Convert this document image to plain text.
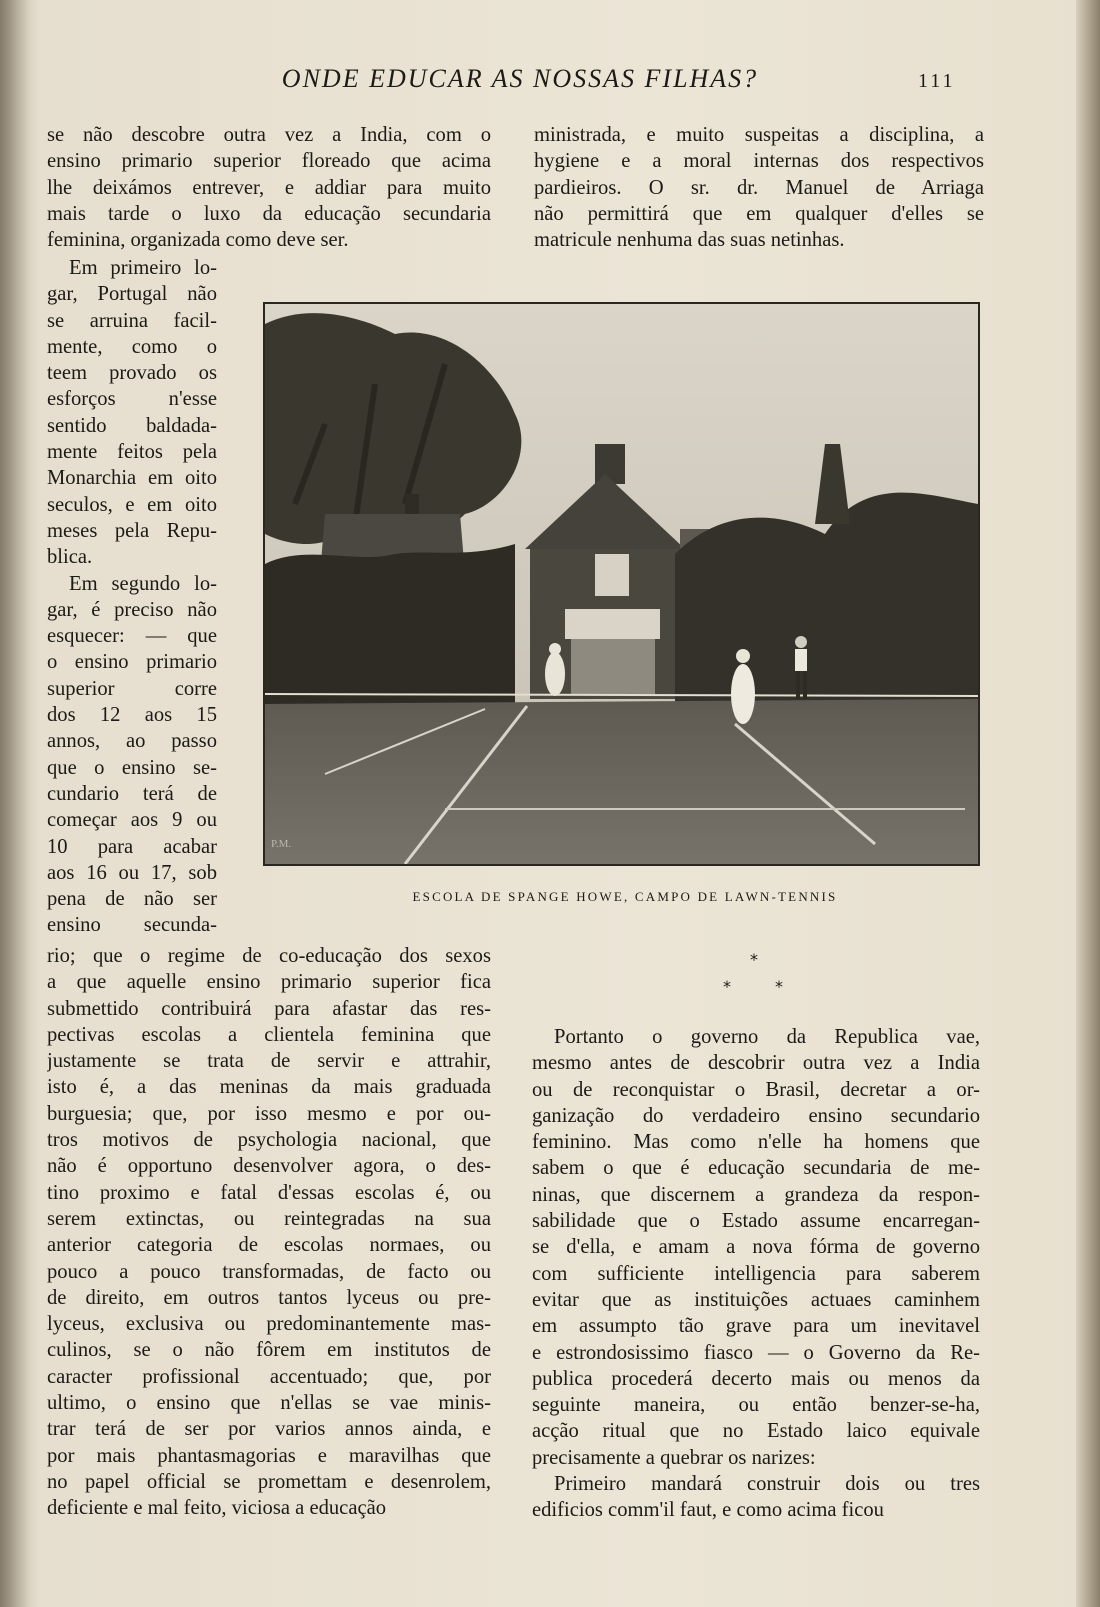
ONDE EDUCAR AS NOSSAS FILHAS?	111
se não descobre outra vez a India, com o
ensino primario superior floreado que acima
lhe deixámos entrever, e addiar para muito
mais tarde o luxo da educação secundaria
feminina, organizada como deve ser.
Em primeiro lo-
gar, Portugal não
se arruina facil-
mente, como o
teem provado os
esforços n'esse
sentido baldada-
mente feitos pela
Monarchia em oito
seculos, e em oito
meses pela Repu-
blica.
Em segundo lo-
gar, é preciso não
esquecer: — que
o ensino primario
superior corre
dos 12 aos 15
annos, ao passo
que o ensino se-
cundario terá de
começar aos 9 ou
10 para acabar
aos 16 ou 17, sob
pena de não ser
ensino secunda-
rio; que o regime de co-educação dos sexos
a que aquelle ensino primario superior fica
submettido contribuirá para afastar das res-
pectivas escolas a clientela feminina que
justamente se trata de servir e attrahir,
isto é, a das meninas da mais graduada
burguesia; que, por isso mesmo e por ou-
tros motivos de psychologia nacional, que
não é opportuno desenvolver agora, o des-
tino proximo e fatal d'essas escolas é, ou
serem extinctas, ou reintegradas na sua
anterior categoria de escolas normaes, ou
pouco a pouco transformadas, de facto ou
de direito, em outros tantos lyceus ou pre-
lyceus, exclusiva ou predominantemente mas-
culinos, se o não fôrem em institutos de
caracter profissional accentuado; que, por
ultimo, o ensino que n'ellas se vae minis-
trar terá de ser por varios annos ainda, e
por mais phantasmagorias e maravilhas que
no papel official se promettam e desenrolem,
deficiente e mal feito, viciosa a educação
ministrada, e muito suspeitas a disciplina, a
hygiene e a moral internas dos respectivos
pardieiros. O sr. dr. Manuel de Arriaga
não permittirá que em qualquer d'elles se
matricule nenhuma das suas netinhas.
Portanto o governo da Republica vae,
mesmo antes de descobrir outra vez a India
ou de reconquistar o Brasil, decretar a or-
ganização do verdadeiro ensino secundario
feminino. Mas como n'elle ha homens que
sabem o que é educação secundaria de me-
ninas, que discernem a grandeza da respon-
sabilidade que o Estado assume encarregan-
se d'ella, e amam a nova fórma de governo
com sufficiente intelligencia para saberem
evitar que as instituições actuaes caminhem
em assumpto tão grave para um inevitavel
e estrondosissimo fiasco — o Governo da Re-
publica procederá decerto mais ou menos da
seguinte maneira, ou então benzer-se-ha,
acção ritual que no Estado laico equivale
precisamente a quebrar os narizes:
Primeiro mandará construir dois ou tres
edificios comm'il faut, e como acima ficou
P.M.
ESCOLA DE SPANGE HOWE, CAMPO DE LAWN-TENNIS
*
*	*
